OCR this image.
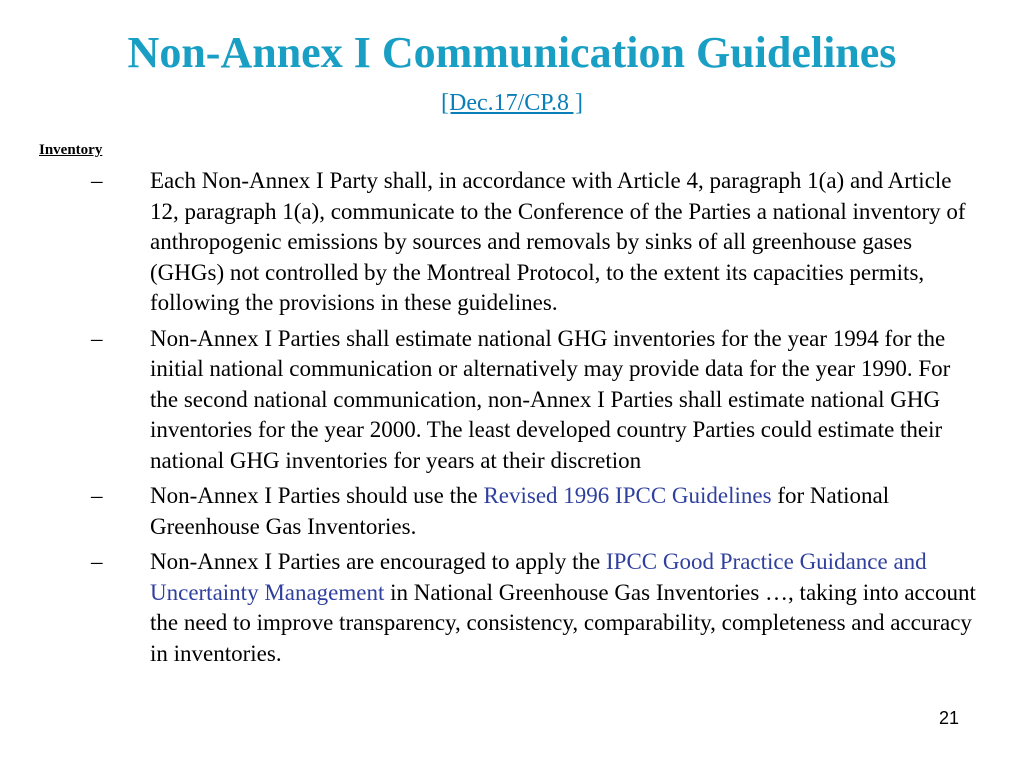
Non-Annex I Communication Guidelines
[Dec.17/CP.8 ]
Inventory
– Each Non-Annex I Party shall, in accordance with Article 4, paragraph 1(a) and Article 12, paragraph 1(a), communicate to the Conference of the Parties a national inventory of anthropogenic emissions by sources and removals by sinks of all greenhouse gases (GHGs) not controlled by the Montreal Protocol, to the extent its capacities permits, following the provisions in these guidelines.
– Non-Annex I Parties shall estimate national GHG inventories for the year 1994 for the initial national communication or alternatively may provide data for the year 1990. For the second national communication, non-Annex I Parties shall estimate national GHG inventories for the year 2000. The least developed country Parties could estimate their national GHG inventories for years at their discretion
– Non-Annex I Parties should use the Revised 1996 IPCC Guidelines for National Greenhouse Gas Inventories.
– Non-Annex I Parties are encouraged to apply the IPCC Good Practice Guidance and Uncertainty Management in National Greenhouse Gas Inventories …, taking into account the need to improve transparency, consistency, comparability, completeness and accuracy in inventories.
21
